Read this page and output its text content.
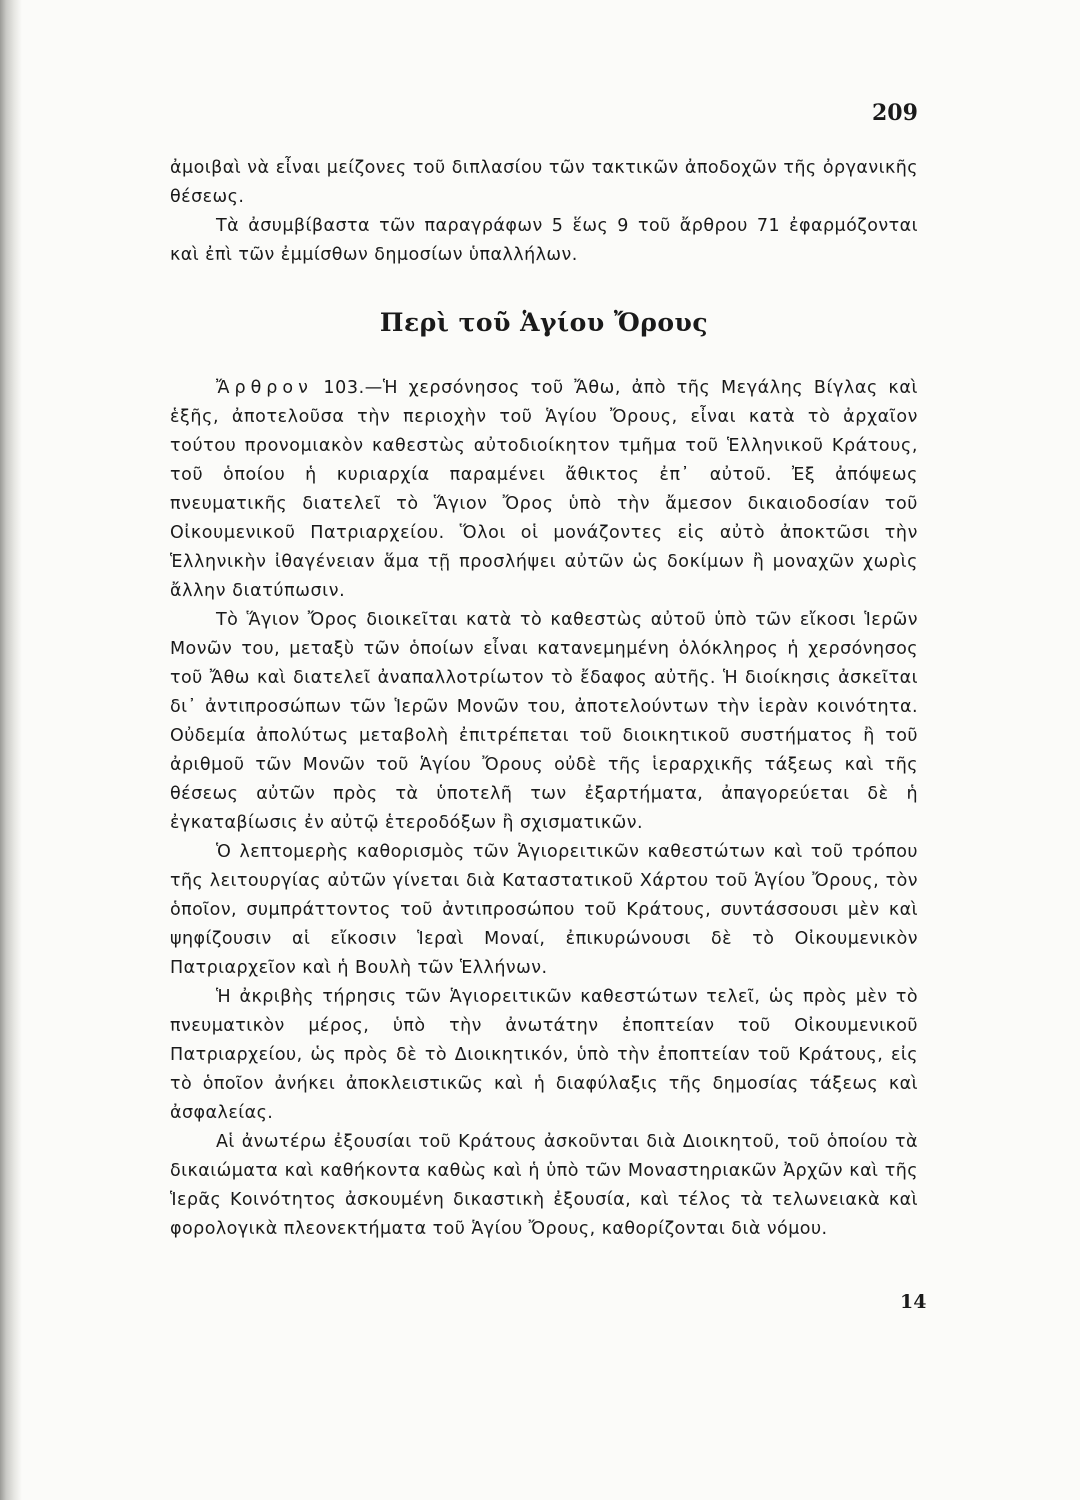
209

ἀμοιβαὶ νὰ εἶναι μείζονες τοῦ διπλασίου τῶν τακτικῶν ἀποδοχῶν τῆς ὀργανικῆς θέσεως.

Τὰ ἀσυμβίβαστα τῶν παραγράφων 5 ἕως 9 τοῦ ἄρθρου 71 ἐφαρμόζονται καὶ ἐπὶ τῶν ἐμμίσθων δημοσίων ὑπαλλήλων.

Περὶ τοῦ Ἁγίου Ὄρους

Ἄρθρον 103.—Ἡ χερσόνησος τοῦ Ἄθω, ἀπὸ τῆς Μεγάλης Βίγλας καὶ ἑξῆς, ἀποτελοῦσα τὴν περιοχὴν τοῦ Ἁγίου Ὄρους, εἶναι κατὰ τὸ ἀρχαῖον τούτου προνομιακὸν καθεστὼς αὐτοδιοίκητον τμῆμα τοῦ Ἑλληνικοῦ Κράτους, τοῦ ὁποίου ἡ κυριαρχία παραμένει ἄθικτος ἐπ᾽ αὐτοῦ. Ἐξ ἀπόψεως πνευματικῆς διατελεῖ τὸ Ἅγιον Ὄρος ὑπὸ τὴν ἄμεσον δικαιοδοσίαν τοῦ Οἰκουμενικοῦ Πατριαρχείου. Ὅλοι οἱ μονάζοντες εἰς αὐτὸ ἀποκτῶσι τὴν Ἑλληνικὴν ἰθαγένειαν ἅμα τῇ προσλήψει αὐτῶν ὡς δοκίμων ἢ μοναχῶν χωρὶς ἄλλην διατύπωσιν.

Τὸ Ἅγιον Ὄρος διοικεῖται κατὰ τὸ καθεστὼς αὐτοῦ ὑπὸ τῶν εἴκοσι Ἱερῶν Μονῶν του, μεταξὺ τῶν ὁποίων εἶναι κατανεμημένη ὁλόκληρος ἡ χερσόνησος τοῦ Ἄθω καὶ διατελεῖ ἀναπαλλοτρίωτον τὸ ἔδαφος αὐτῆς. Ἡ διοίκησις ἀσκεῖται δι᾽ ἀντιπροσώπων τῶν Ἱερῶν Μονῶν του, ἀποτελούντων τὴν ἱερὰν κοινότητα. Οὐδεμία ἀπολύτως μεταβολὴ ἐπιτρέπεται τοῦ διοικητικοῦ συστήματος ἢ τοῦ ἀριθμοῦ τῶν Μονῶν τοῦ Ἁγίου Ὄρους οὐδὲ τῆς ἱεραρχικῆς τάξεως καὶ τῆς θέσεως αὐτῶν πρὸς τὰ ὑποτελῆ των ἐξαρτήματα, ἀπαγορεύεται δὲ ἡ ἐγκαταβίωσις ἐν αὐτῷ ἑτεροδόξων ἢ σχισματικῶν.

Ὁ λεπτομερὴς καθορισμὸς τῶν Ἁγιορειτικῶν καθεστώτων καὶ τοῦ τρόπου τῆς λειτουργίας αὐτῶν γίνεται διὰ Καταστατικοῦ Χάρτου τοῦ Ἁγίου Ὄρους, τὸν ὁποῖον, συμπράττοντος τοῦ ἀντιπροσώπου τοῦ Κράτους, συντάσσουσι μὲν καὶ ψηφίζουσιν αἱ εἴκοσιν Ἱεραὶ Μοναί, ἐπικυρώνουσι δὲ τὸ Οἰκουμενικὸν Πατριαρχεῖον καὶ ἡ Βουλὴ τῶν Ἑλλήνων.

Ἡ ἀκριβὴς τήρησις τῶν Ἁγιορειτικῶν καθεστώτων τελεῖ, ὡς πρὸς μὲν τὸ πνευματικὸν μέρος, ὑπὸ τὴν ἀνωτάτην ἐποπτείαν τοῦ Οἰκουμενικοῦ Πατριαρχείου, ὡς πρὸς δὲ τὸ Διοικητικόν, ὑπὸ τὴν ἐποπτείαν τοῦ Κράτους, εἰς τὸ ὁποῖον ἀνήκει ἀποκλειστικῶς καὶ ἡ διαφύλαξις τῆς δημοσίας τάξεως καὶ ἀσφαλείας.

Αἱ ἀνωτέρω ἐξουσίαι τοῦ Κράτους ἀσκοῦνται διὰ Διοικητοῦ, τοῦ ὁποίου τὰ δικαιώματα καὶ καθήκοντα καθὼς καὶ ἡ ὑπὸ τῶν Μοναστηριακῶν Ἀρχῶν καὶ τῆς Ἱερᾶς Κοινότητος ἀσκουμένη δικαστικὴ ἐξουσία, καὶ τέλος τὰ τελωνειακὰ καὶ φορολογικὰ πλεονεκτήματα τοῦ Ἁγίου Ὄρους, καθορίζονται διὰ νόμου.

14
